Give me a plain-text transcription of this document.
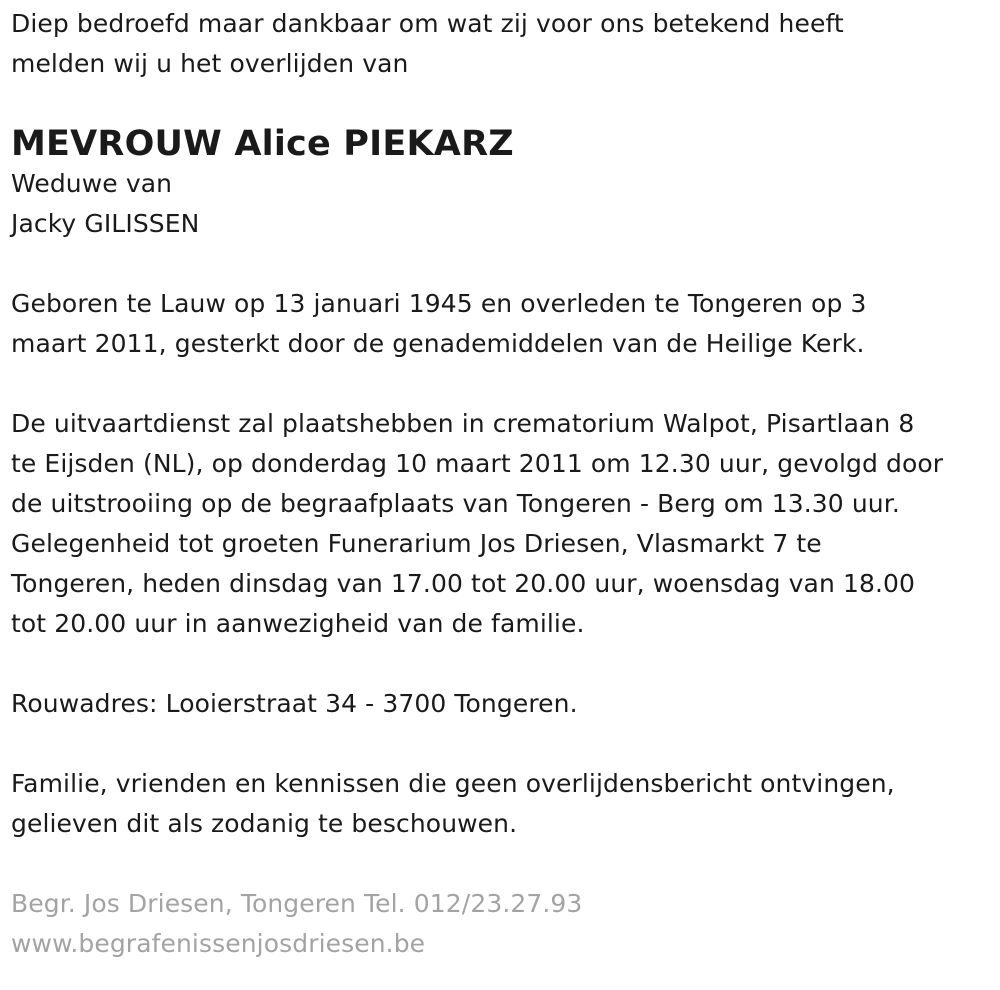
Diep bedroefd maar dankbaar om wat zij voor ons betekend heeft
melden wij u het overlijden van
MEVROUW Alice PIEKARZ
Weduwe van
Jacky GILISSEN
Geboren te Lauw op 13 januari 1945 en overleden te Tongeren op 3
maart 2011, gesterkt door de genademiddelen van de Heilige Kerk.
De uitvaartdienst zal plaatshebben in crematorium Walpot, Pisartlaan 8
te Eijsden (NL), op donderdag 10 maart 2011 om 12.30 uur, gevolgd door
de uitstrooiing op de begraafplaats van Tongeren - Berg om 13.30 uur.
Gelegenheid tot groeten Funerarium Jos Driesen, Vlasmarkt 7 te
Tongeren, heden dinsdag van 17.00 tot 20.00 uur, woensdag van 18.00
tot 20.00 uur in aanwezigheid van de familie.
Rouwadres: Looierstraat 34 - 3700 Tongeren.
Familie, vrienden en kennissen die geen overlijdensbericht ontvingen,
gelieven dit als zodanig te beschouwen.
Begr. Jos Driesen, Tongeren Tel. 012/23.27.93
www.begrafenissenjosdriesen.be
